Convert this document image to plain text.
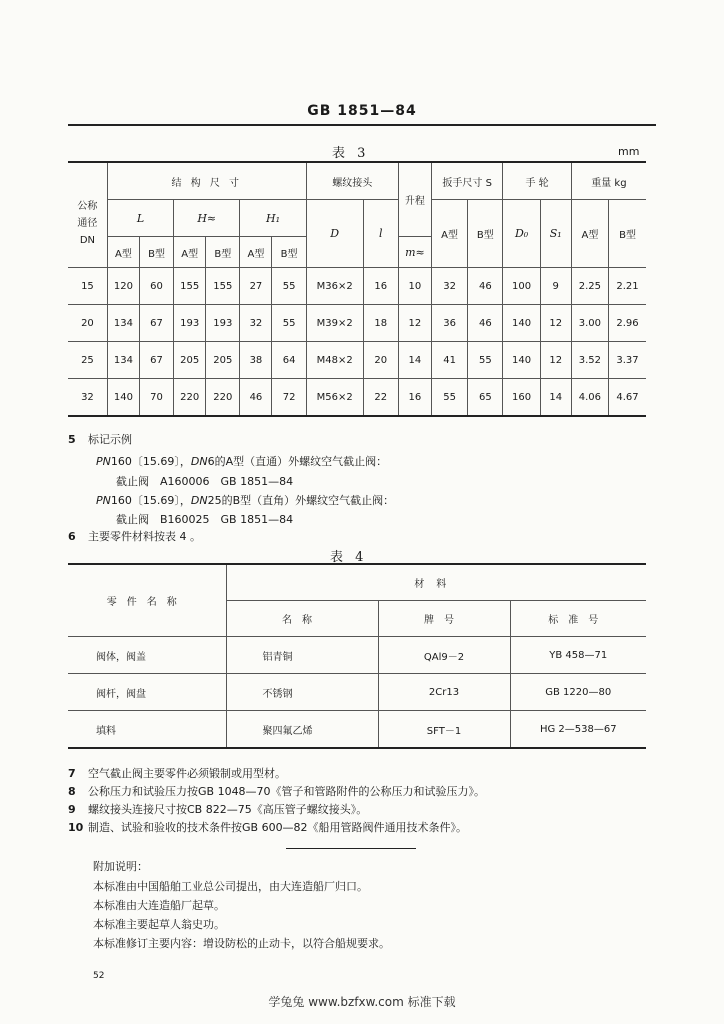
GB 1851—84
表 3	mm

公称
通径
DN	结 构 尺 寸						螺纹接头		升程	扳手尺寸 S		手 轮		重量 kg	
	L		H≈		H₁		D	l		A型	B型	D₀	S₁	A型	B型
	A型	B型	A型	B型	A型	B型			m≈						
15	120	60	155	155	27	55	M36×2	16	10	32	46	100	9	2.25	2.21
20	134	67	193	193	32	55	M39×2	18	12	36	46	140	12	3.00	2.96
25	134	67	205	205	38	64	M48×2	20	14	41	55	140	12	3.52	3.37
32	140	70	220	220	46	72	M56×2	22	16	55	65	160	14	4.06	4.67
5 标记示例
PN160〔15.69〕，DN6的A型（直通）外螺纹空气截止阀：
截止阀　A160006　GB 1851—84
PN160〔15.69〕，DN25的B型（直角）外螺纹空气截止阀：
截止阀　B160025　GB 1851—84
6 主要零件材料按表 4 。
表 4
零件名称	材料		
	名称	牌号	标准号
阀体，阀盖	铝青铜	QAl9－2	YB 458—71
阀杆，阀盘	不锈钢	2Cr13	GB 1220—80
填料	聚四氟乙烯	SFT－1	HG 2—538—67
7 空气截止阀主要零件必须锻制或用型材。
8 公称压力和试验压力按GB 1048—70《管子和管路附件的公称压力和试验压力》。
9 螺纹接头连接尺寸按CB 822—75《高压管子螺纹接头》。
10 制造、试验和验收的技术条件按GB 600—82《船用管路阀件通用技术条件》。
附加说明：
本标准由中国船舶工业总公司提出，由大连造船厂归口。
本标准由大连造船厂起草。
本标准主要起草人翁史功。
本标准修订主要内容：增设防松的止动卡，以符合船规要求。
52
学兔兔 www.bzfxw.com 标准下载
